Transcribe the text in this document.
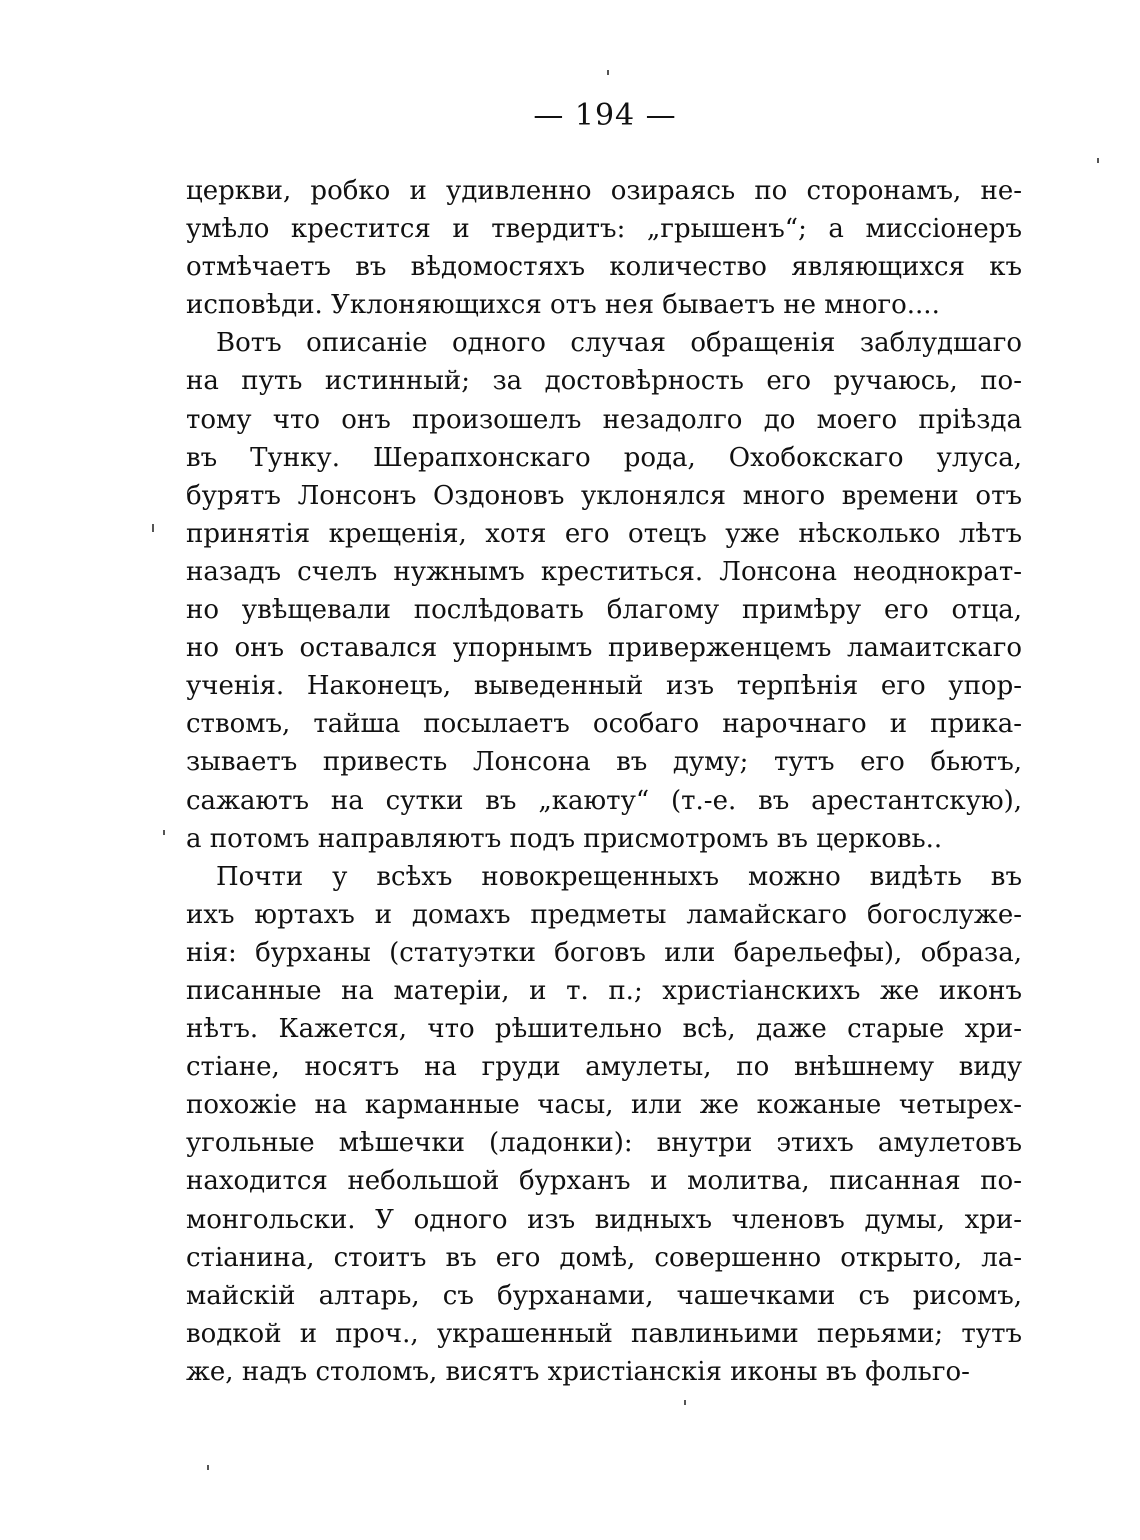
— 194 —
церкви, робко и удивленно озираясь по сторонамъ, не-
умѣло креститcя и твердитъ: „грышенъ“; а миссіонеръ
отмѣчаетъ въ вѣдомостяхъ количество являющихся къ
исповѣди. Уклоняющихся отъ нея бываетъ не много....
Вотъ описаніе одного случая обращенія заблудшаго
на путь истинный; за достовѣрность его ручаюсь, по-
тому что онъ произошелъ незадолго до моего пріѣзда
въ Тунку. Шерапхонскаго рода, Охобокскаго улуса,
бурятъ Лонсонъ Оздоновъ уклонялся много времени отъ
принятія крещенія, хотя его отецъ уже нѣсколько лѣтъ
назадъ счелъ нужнымъ креститься. Лонсона неоднократ-
но увѣщевали послѣдовать благому примѣру его отца,
но онъ оставался упорнымъ приверженцемъ ламаитскаго
ученія. Наконецъ, выведенный изъ терпѣнія его упор-
ствомъ, тайша посылаетъ особаго нарочнаго и прика-
зываетъ привесть Лонсона въ думу; тутъ его бьютъ,
сажаютъ на сутки въ „каюту“ (т.-е. въ арестантскую),
а потомъ направляютъ подъ присмотромъ въ церковь..
Почти у всѣхъ новокрещенныхъ можно видѣть въ
ихъ юртахъ и домахъ предметы ламайскаго богослуже-
нія: бурханы (статуэтки боговъ или барельефы), образа,
писанные на матеріи, и т. п.; христіанскихъ же иконъ
нѣтъ. Кажется, что рѣшительно всѣ, даже старые хри-
стіане, носятъ на груди амулеты, по внѣшнему виду
похожіе на карманные часы, или же кожаные четырех-
угольные мѣшечки (ладонки): внутри этихъ амулетовъ
находится небольшой бурханъ и молитва, писанная по-
монгольски. У одного изъ видныхъ членовъ думы, хри-
стіанина, стоитъ въ его домѣ, совершенно открыто, ла-
майскій алтарь, съ бурханами, чашечками съ рисомъ,
водкой и проч., украшенный павлиньими перьями; тутъ
же, надъ столомъ, висятъ христіанскія иконы въ фольго-
